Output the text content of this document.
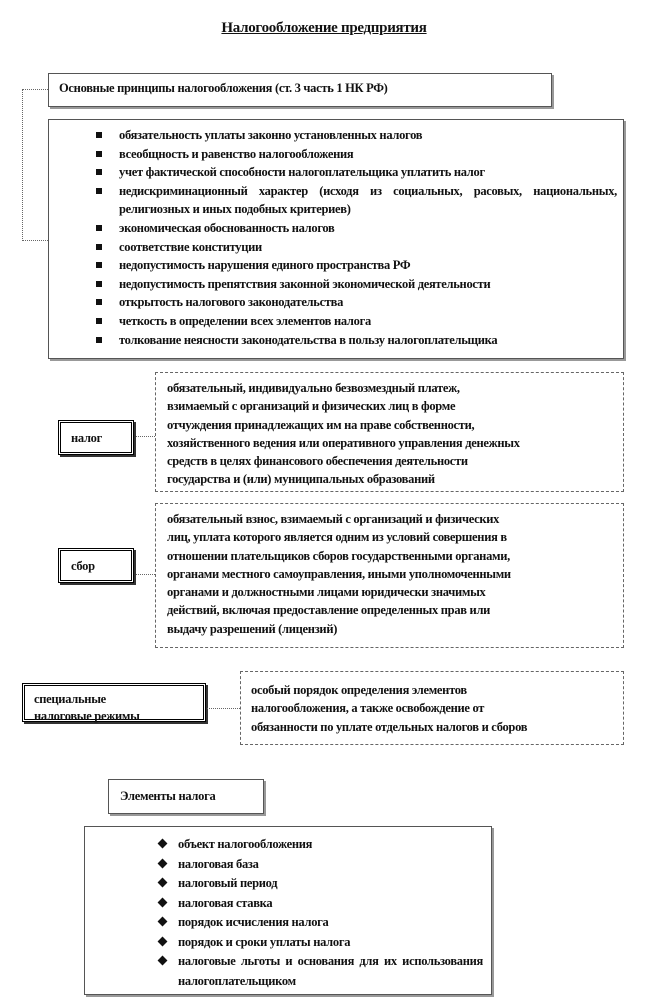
Налогообложение предприятия
Основные принципы налогообложения (ст. 3 часть 1 НК РФ)
обязательность уплаты законно установленных налогов
всеобщность и равенство налогообложения
учет фактической способности налогоплательщика уплатить налог
недискриминационный характер (исходя из социальных, расовых, национальных, религиозных и иных подобных критериев)
экономическая обоснованность налогов
соответствие конституции
недопустимость нарушения единого пространства РФ
недопустимость препятствия законной экономической деятельности
открытость налогового законодательства
четкость в определении всех элементов налога
толкование неясности законодательства в пользу налогоплательщика
налог
обязательный, индивидуально безвозмездный платеж,
взимаемый с организаций и физических лиц в форме
отчуждения принадлежащих им на праве собственности,
хозяйственного ведения или оперативного управления денежных
средств в целях финансового обеспечения деятельности
государства и (или) муниципальных образований
сбор
обязательный взнос, взимаемый с организаций и физических
лиц, уплата которого является одним из условий совершения в
отношении плательщиков сборов государственными органами,
органами местного самоуправления, иными уполномоченными
органами и должностными лицами юридически значимых
действий, включая предоставление определенных прав или
выдачу разрешений (лицензий)
специальные
налоговые режимы
особый порядок определения элементов
налогообложения, а также освобождение от
обязанности по уплате отдельных налогов и сборов
Элементы налога
объект налогообложения
налоговая база
налоговый период
налоговая ставка
порядок исчисления налога
порядок и сроки уплаты налога
налоговые льготы и основания для их использования налогоплательщиком
